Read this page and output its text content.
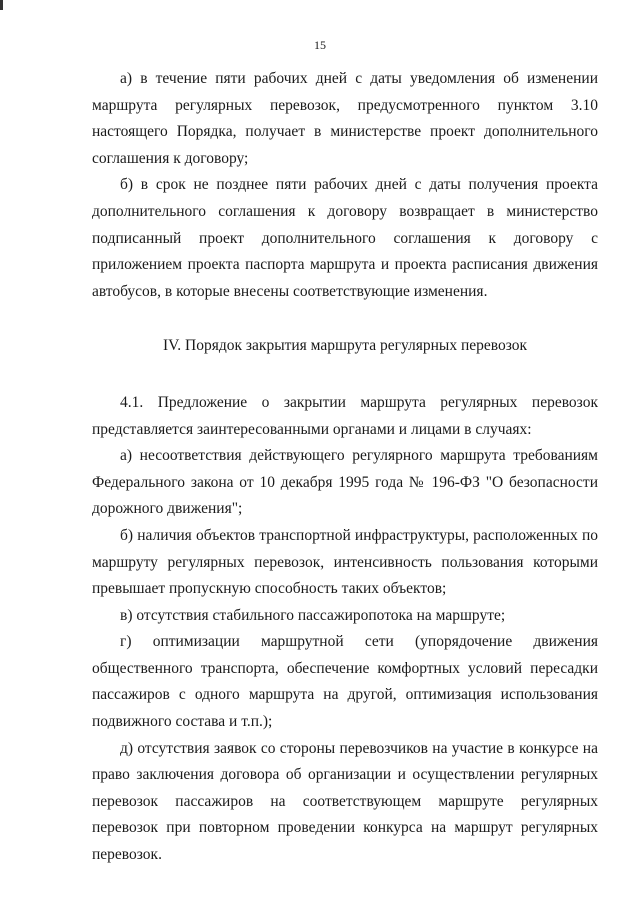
15

а) в течение пяти рабочих дней с даты уведомления об изменении маршрута регулярных перевозок, предусмотренного пунктом 3.10 настоящего Порядка, получает в министерстве проект дополнительного соглашения к договору;

б) в срок не позднее пяти рабочих дней с даты получения проекта дополнительного соглашения к договору возвращает в министерство подписанный проект дополнительного соглашения к договору с приложением проекта паспорта маршрута и проекта расписания движения автобусов, в которые внесены соответствующие изменения.

IV. Порядок закрытия маршрута регулярных перевозок

4.1. Предложение о закрытии маршрута регулярных перевозок представляется заинтересованными органами и лицами в случаях:

а) несоответствия действующего регулярного маршрута требованиям Федерального закона от 10 декабря 1995 года № 196-ФЗ "О безопасности дорожного движения";

б) наличия объектов транспортной инфраструктуры, расположенных по маршруту регулярных перевозок, интенсивность пользования которыми превышает пропускную способность таких объектов;

в) отсутствия стабильного пассажиропотока на маршруте;

г) оптимизации маршрутной сети (упорядочение движения общественного транспорта, обеспечение комфортных условий пересадки пассажиров с одного маршрута на другой, оптимизация использования подвижного состава и т.п.);

д) отсутствия заявок со стороны перевозчиков на участие в конкурсе на право заключения договора об организации и осуществлении регулярных перевозок пассажиров на соответствующем маршруте регулярных перевозок при повторном проведении конкурса на маршрут регулярных перевозок.
